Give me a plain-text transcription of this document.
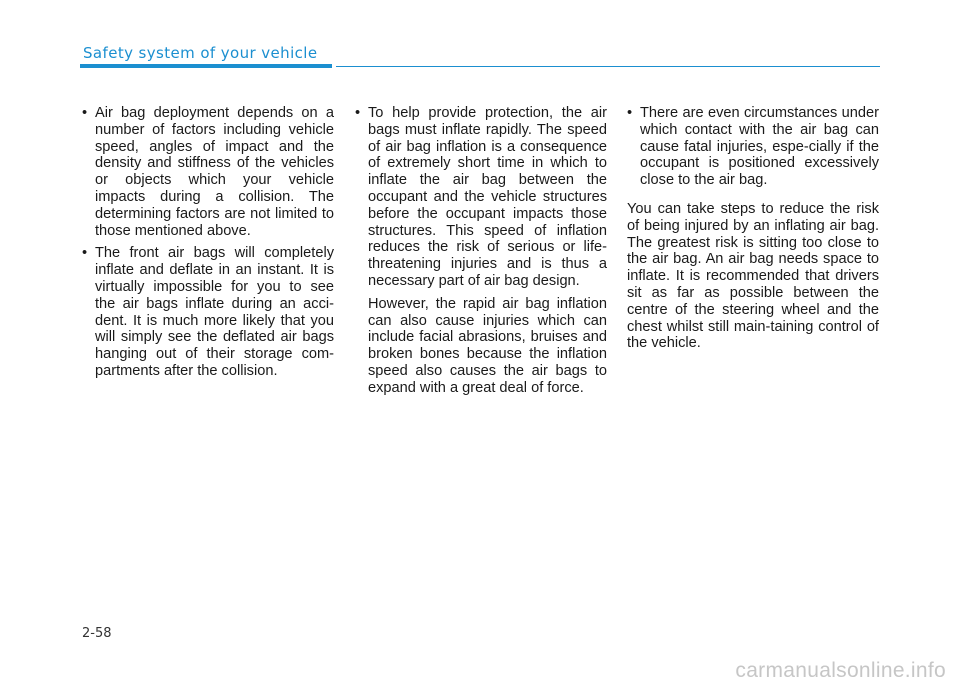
Safety system of your vehicle
• Air bag deployment depends on a number of factors including vehicle speed, angles of impact and the density and stiffness of the vehicles or objects which your vehicle impacts during a collision. The determining factors are not limited to those mentioned above.
• The front air bags will completely inflate and deflate in an instant. It is virtually impossible for you to see the air bags inflate during an acci-dent. It is much more likely that you will simply see the deflated air bags hanging out of their storage com-partments after the collision.
• To help provide protection, the air bags must inflate rapidly. The speed of air bag inflation is a consequence of extremely short time in which to inflate the air bag between the occupant and the vehicle structures before the occupant impacts those structures. This speed of inflation reduces the risk of serious or life-threatening injuries and is thus a necessary part of air bag design.
However, the rapid air bag inflation can also cause injuries which can include facial abrasions, bruises and broken bones because the inflation speed also causes the air bags to expand with a great deal of force.
• There are even circumstances under which contact with the air bag can cause fatal injuries, espe-cially if the occupant is positioned excessively close to the air bag.
You can take steps to reduce the risk of being injured by an inflating air bag. The greatest risk is sitting too close to the air bag. An air bag needs space to inflate. It is recommended that drivers sit as far as possible between the centre of the steering wheel and the chest whilst still main-taining control of the vehicle.
2-58
carmanualsonline.info
